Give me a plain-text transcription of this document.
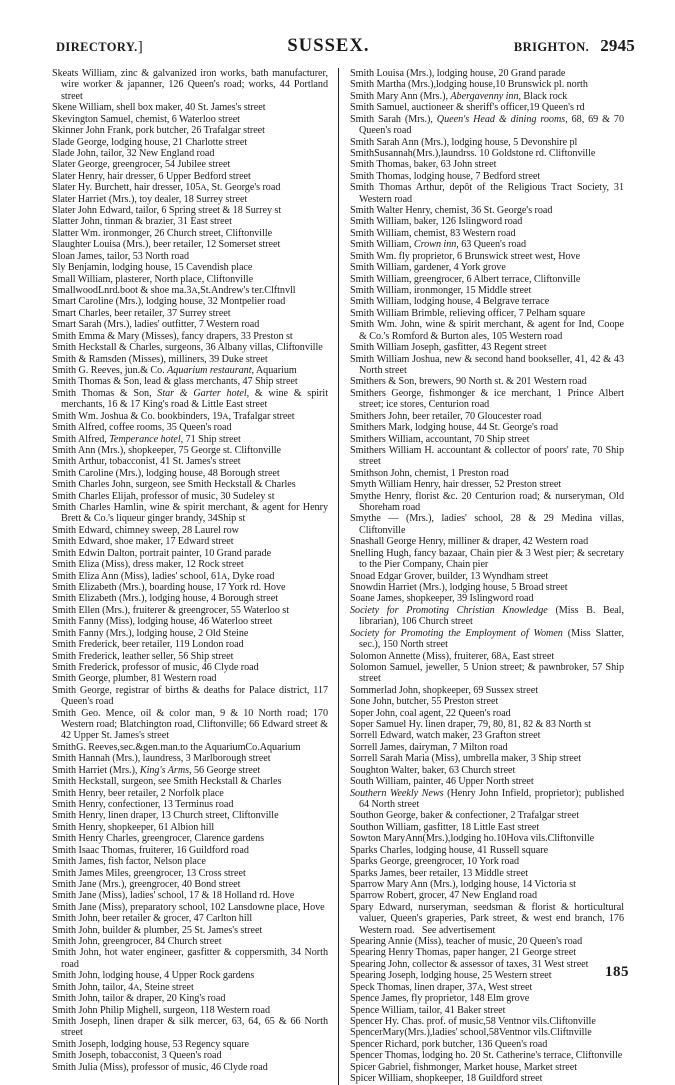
DIRECTORY.]	SUSSEX.	BRIGHTON. 2945

Skeats William, zinc & galvanized iron works, bath manufacturer, wire worker & japanner, 126 Queen's road; works, 44 Portland street

Skene William, shell box maker, 40 St. James's street

Skevington Samuel, chemist, 6 Waterloo street

Skinner John Frank, pork butcher, 26 Trafalgar street

Slade George, lodging house, 21 Charlotte street

Slade John, tailor, 32 New England road

Slater George, greengrocer, 54 Jubilee street

Slater Henry, hair dresser, 6 Upper Bedford street

Slater Hy. Burchett, hair dresser, 105A, St. George's road

Slater Harriet (Mrs.), toy dealer, 18 Surrey street

Slater John Edward, tailor, 6 Spring street & 18 Surrey st

Slatter John, tinman & brazier, 31 East street

Slatter Wm. ironmonger, 26 Church street, Cliftonville

Slaughter Louisa (Mrs.), beer retailer, 12 Somerset street

Sloan James, tailor, 53 North road

Sly Benjamin, lodging house, 15 Cavendish place

Small William, plasterer, North place, Cliftonville

SmallwoodLnrd.boot & shoe ma.3A,St.Andrew's ter.Clftnvll

Smart Caroline (Mrs.), lodging house, 32 Montpelier road

Smart Charles, beer retailer, 37 Surrey street

Smart Sarah (Mrs.), ladies' outfitter, 7 Western road

Smith Emma & Mary (Misses), fancy drapers, 33 Preston st

Smith Heckstall & Charles, surgeons, 36 Albany villas, Cliftonville

Smith & Ramsden (Misses), milliners, 39 Duke street

Smith G. Reeves, jun.& Co. Aquarium restaurant, Aquarium

Smith Thomas & Son, lead & glass merchants, 47 Ship street

Smith Thomas & Son, Star & Garter hotel, & wine & spirit merchants, 16 & 17 King's road & Little East street

Smith Wm. Joshua & Co. bookbinders, 19A, Trafalgar street

Smith Alfred, coffee rooms, 35 Queen's road

Smith Alfred, Temperance hotel, 71 Ship street

Smith Ann (Mrs.), shopkeeper, 75 George st. Cliftonville

Smith Arthur, tobacconist, 41 St. James's street

Smith Caroline (Mrs.), lodging house, 48 Borough street

Smith Charles John, surgeon, see Smith Heckstall & Charles

Smith Charles Elijah, professor of music, 30 Sudeley st

Smith Charles Hamlin, wine & spirit merchant, & agent for Henry Brett & Co.'s liqueur ginger brandy, 34Ship st

Smith Edward, chimney sweep, 28 Laurel row

Smith Edward, shoe maker, 17 Edward street

Smith Edwin Dalton, portrait painter, 10 Grand parade

Smith Eliza (Miss), dress maker, 12 Rock street

Smith Eliza Ann (Miss), ladies' school, 61A, Dyke road

Smith Elizabeth (Mrs.), boarding house, 17 York rd. Hove

Smith Elizabeth (Mrs.), lodging house, 4 Borough street

Smith Ellen (Mrs.), fruiterer & greengrocer, 55 Waterloo st

Smith Fanny (Miss), lodging house, 46 Waterloo street

Smith Fanny (Mrs.), lodging house, 2 Old Steine

Smith Frederick, beer retailer, 119 London road

Smith Frederick, leather seller, 56 Ship street

Smith Frederick, professor of music, 46 Clyde road

Smith George, plumber, 81 Western road

Smith George, registrar of births & deaths for Palace district, 117 Queen's road

Smith Geo. Mence, oil & color man, 9 & 10 North road; 170 Western road; Blatchington road, Cliftonville; 66 Edward street & 42 Upper St. James's street

SmithG. Reeves,sec.&gen.man.to the AquariumCo.Aquarium

Smith Hannah (Mrs.), laundress, 3 Marlborough street

Smith Harriet (Mrs.), King's Arms, 56 George street

Smith Heckstall, surgeon, see Smith Heckstall & Charles

Smith Henry, beer retailer, 2 Norfolk place

Smith Henry, confectioner, 13 Terminus road

Smith Henry, linen draper, 13 Church street, Cliftonville

Smith Henry, shopkeeper, 61 Albion hill

Smith Henry Charles, greengrocer, Clarence gardens

Smith Isaac Thomas, fruiterer, 16 Guildford road

Smith James, fish factor, Nelson place

Smith James Miles, greengrocer, 13 Cross street

Smith Jane (Mrs.), greengrocer, 40 Bond street

Smith Jane (Miss), ladies' school, 17 & 18 Holland rd. Hove

Smith Jane (Miss), preparatory school, 102 Lansdowne place, Hove

Smith John, beer retailer & grocer, 47 Carlton hill

Smith John, builder & plumber, 25 St. James's street

Smith John, greengrocer, 84 Church street

Smith John, hot water engineer, gasfitter & coppersmith, 34 North road

Smith John, lodging house, 4 Upper Rock gardens

Smith John, tailor, 4A, Steine street

Smith John, tailor & draper, 20 King's road

Smith John Philip Mighell, surgeon, 118 Western road

Smith Joseph, linen draper & silk mercer, 63, 64, 65 & 66 North street

Smith Joseph, lodging house, 53 Regency square

Smith Joseph, tobacconist, 3 Queen's road

Smith Julia (Miss), professor of music, 46 Clyde road

Smith Louisa (Mrs.), lodging house, 20 Grand parade

Smith Martha (Mrs.),lodging house,10 Brunswick pl. north

Smith Mary Ann (Mrs.), Abergavenny inn, Black rock

Smith Samuel, auctioneer & sheriff's officer,19 Queen's rd

Smith Sarah (Mrs.), Queen's Head & dining rooms, 68, 69 & 70 Queen's road

Smith Sarah Ann (Mrs.), lodging house, 5 Devonshire pl

SmithSusannah(Mrs.),laundrss. 10 Goldstone rd. Cliftonville

Smith Thomas, baker, 63 John street

Smith Thomas, lodging house, 7 Bedford street

Smith Thomas Arthur, depôt of the Religious Tract Society, 31 Western road

Smith Walter Henry, chemist, 36 St. George's road

Smith William, baker, 126 Islingword road

Smith William, chemist, 83 Western road

Smith William, Crown inn, 63 Queen's road

Smith Wm. fly proprietor, 6 Brunswick street west, Hove

Smith William, gardener, 4 York grove

Smith William, greengrocer, 6 Albert terrace, Cliftonville

Smith William, ironmonger, 15 Middle street

Smith William, lodging house, 4 Belgrave terrace

Smith William Brimble, relieving officer, 7 Pelham square

Smith Wm. John, wine & spirit merchant, & agent for Ind, Coope & Co.'s Romford & Burton ales, 105 Western road

Smith William Joseph, gasfitter, 43 Regent street

Smith William Joshua, new & second hand bookseller, 41, 42 & 43 North street

Smithers & Son, brewers, 90 North st. & 201 Western road

Smithers George, fishmonger & ice merchant, 1 Prince Albert street; ice stores, Centurion road

Smithers John, beer retailer, 70 Gloucester road

Smithers Mark, lodging house, 44 St. George's road

Smithers William, accountant, 70 Ship street

Smithers William H. accountant & collector of poors' rate, 70 Ship street

Smithson John, chemist, 1 Preston road

Smyth William Henry, hair dresser, 52 Preston street

Smythe Henry, florist &c. 20 Centurion road; & nurseryman, Old Shoreham road

Smythe — (Mrs.), ladies' school, 28 & 29 Medina villas, Cliftonville

Snashall George Henry, milliner & draper, 42 Western road

Snelling Hugh, fancy bazaar, Chain pier & 3 West pier; & secretary to the Pier Company, Chain pier

Snoad Edgar Grover, builder, 13 Wyndham street

Snowdin Harriet (Mrs.), lodging house, 5 Broad street

Soane James, shopkeeper, 39 Islingword road

Society for Promoting Christian Knowledge (Miss B. Beal, librarian), 106 Church street

Society for Promoting the Employment of Women (Miss Slatter, sec.), 150 North street

Solomon Annette (Miss), fruiterer, 68A, East street

Solomon Samuel, jeweller, 5 Union street; & pawnbroker, 57 Ship street

Sommerlad John, shopkeeper, 69 Sussex street

Sone John, butcher, 55 Preston street

Soper John, coal agent, 22 Queen's road

Soper Samuel Hy. linen draper, 79, 80, 81, 82 & 83 North st

Sorrell Edward, watch maker, 23 Grafton street

Sorrell James, dairyman, 7 Milton road

Sorrell Sarah Maria (Miss), umbrella maker, 3 Ship street

Soughton Walter, baker, 63 Church street

South William, painter, 46 Upper North street

Southern Weekly News (Henry John Infield, proprietor); published 64 North street

Southon George, baker & confectioner, 2 Trafalgar street

Southon William, gasfitter, 18 Little East street

Sowton MaryAnn(Mrs.),lodging ho.10Hova vils.Cliftonville

Sparks Charles, lodging house, 41 Russell square

Sparks George, greengrocer, 10 York road

Sparks James, beer retailer, 13 Middle street

Sparrow Mary Ann (Mrs.), lodging house, 14 Victoria st

Sparrow Robert, grocer, 47 New England road

Spary Edward, nurseryman, seedsman & florist & horticultural valuer, Queen's graperies, Park street, & west end branch, 176 Western road.   See advertisement

Spearing Annie (Miss), teacher of music, 20 Queen's road

Spearing Henry Thomas, paper hanger, 21 George street

Spearing John, collector & assessor of taxes, 31 West street

Spearing Joseph, lodging house, 25 Western street

Speck Thomas, linen draper, 37A, West street

Spence James, fly proprietor, 148 Elm grove

Spence William, tailor, 41 Baker street

Spencer Hy. Chas. prof. of music,58 Ventnor vils.Cliftonville

SpencerMary(Mrs.),ladies' school,58Ventnor vils.Cliftnville

Spencer Richard, pork butcher, 136 Queen's road

Spencer Thomas, lodging ho. 20 St. Catherine's terrace, Cliftonville

Spicer Gabriel, fishmonger, Market house, Market street

Spicer William, shopkeeper, 18 Guildford street

185
